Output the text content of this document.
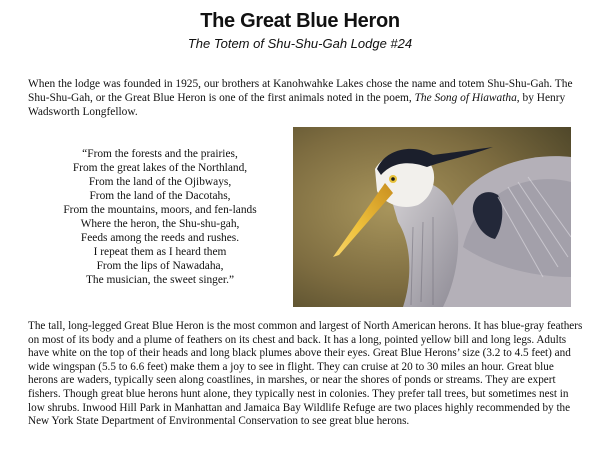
The Great Blue Heron
The Totem of Shu-Shu-Gah Lodge #24
When the lodge was founded in 1925, our brothers at Kanohwahke Lakes chose the name and totem Shu-Shu-Gah. The Shu-Shu-Gah, or the Great Blue Heron is one of the first animals noted in the poem, The Song of Hiawatha, by Henry Wadsworth Longfellow.
“From the forests and the prairies,
From the great lakes of the Northland,
From the land of the Ojibways,
From the land of the Dacotahs,
From the mountains, moors, and fen-lands
Where the heron, the Shu-shu-gah,
Feeds among the reeds and rushes.
I repeat them as I heard them
From the lips of Nawadaha,
The musician, the sweet singer.”
The tall, long-legged Great Blue Heron is the most common and largest of North American herons. It has blue-gray feathers on most of its body and a plume of feathers on its chest and back. It has a long, pointed yellow bill and long legs. Adults have white on the top of their heads and long black plumes above their eyes. Great Blue Herons’ size (3.2 to 4.5 feet) and wide wingspan (5.5 to 6.6 feet) make them a joy to see in flight. They can cruise at 20 to 30 miles an hour. Great blue herons are waders, typically seen along coastlines, in marshes, or near the shores of ponds or streams. They are expert fishers. Though great blue herons hunt alone, they typically nest in colonies. They prefer tall trees, but sometimes nest in low shrubs. Inwood Hill Park in Manhattan and Jamaica Bay Wildlife Refuge are two places highly recommended by the New York State Department of Environmental Conservation to see great blue herons.
